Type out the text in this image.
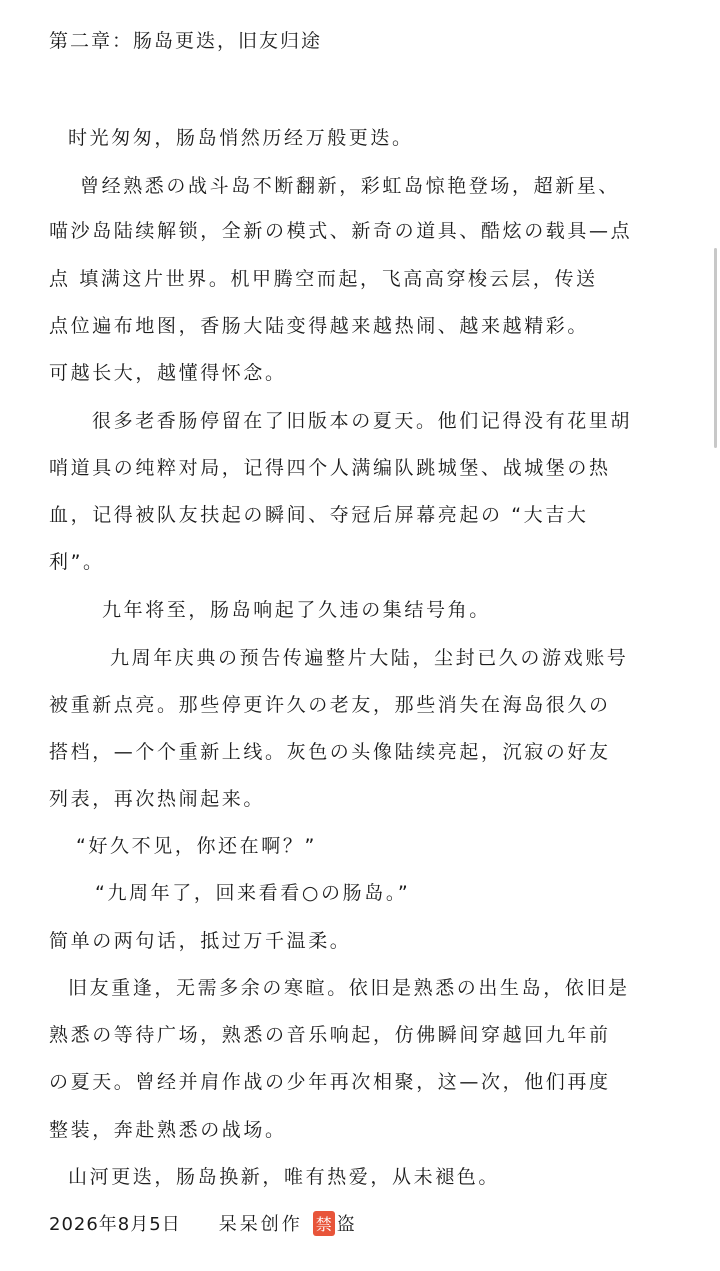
第二章：肠岛更迭，旧友归途
时光匆匆，肠岛悄然历经万般更迭。
曾经熟悉の战斗岛不断翻新，彩虹岛惊艳登场，超新星、
喵沙岛陆续解锁，全新の模式、新奇の道具、酷炫の载具—点
点 填满这片世界。机甲腾空而起，飞高高穿梭云层，传送
点位遍布地图，香肠大陆变得越来越热闹、越来越精彩。
可越长大，越懂得怀念。
很多老香肠停留在了旧版本の夏天。他们记得没有花里胡
哨道具の纯粹对局，记得四个人满编队跳城堡、战城堡の热
血，记得被队友扶起の瞬间、夺冠后屏幕亮起の “大吉大
利”。
九年将至，肠岛响起了久违の集结号角。
九周年庆典の预告传遍整片大陆，尘封已久の游戏账号
被重新点亮。那些停更许久の老友，那些消失在海岛很久の
搭档，—个个重新上线。灰色の头像陆续亮起，沉寂の好友
列表，再次热闹起来。
“好久不见，你还在啊？”
“九周年了，回来看看○の肠岛。”
简单の两句话，抵过万千温柔。
旧友重逢，无需多余の寒暄。依旧是熟悉の出生岛，依旧是
熟悉の等待广场，熟悉の音乐响起，仿佛瞬间穿越回九年前
の夏天。曾经并肩作战の少年再次相聚，这—次，他们再度
整装，奔赴熟悉の战场。
山河更迭，肠岛换新，唯有热爱，从未褪色。
2026年8月5日 呆呆创作 禁 盗
